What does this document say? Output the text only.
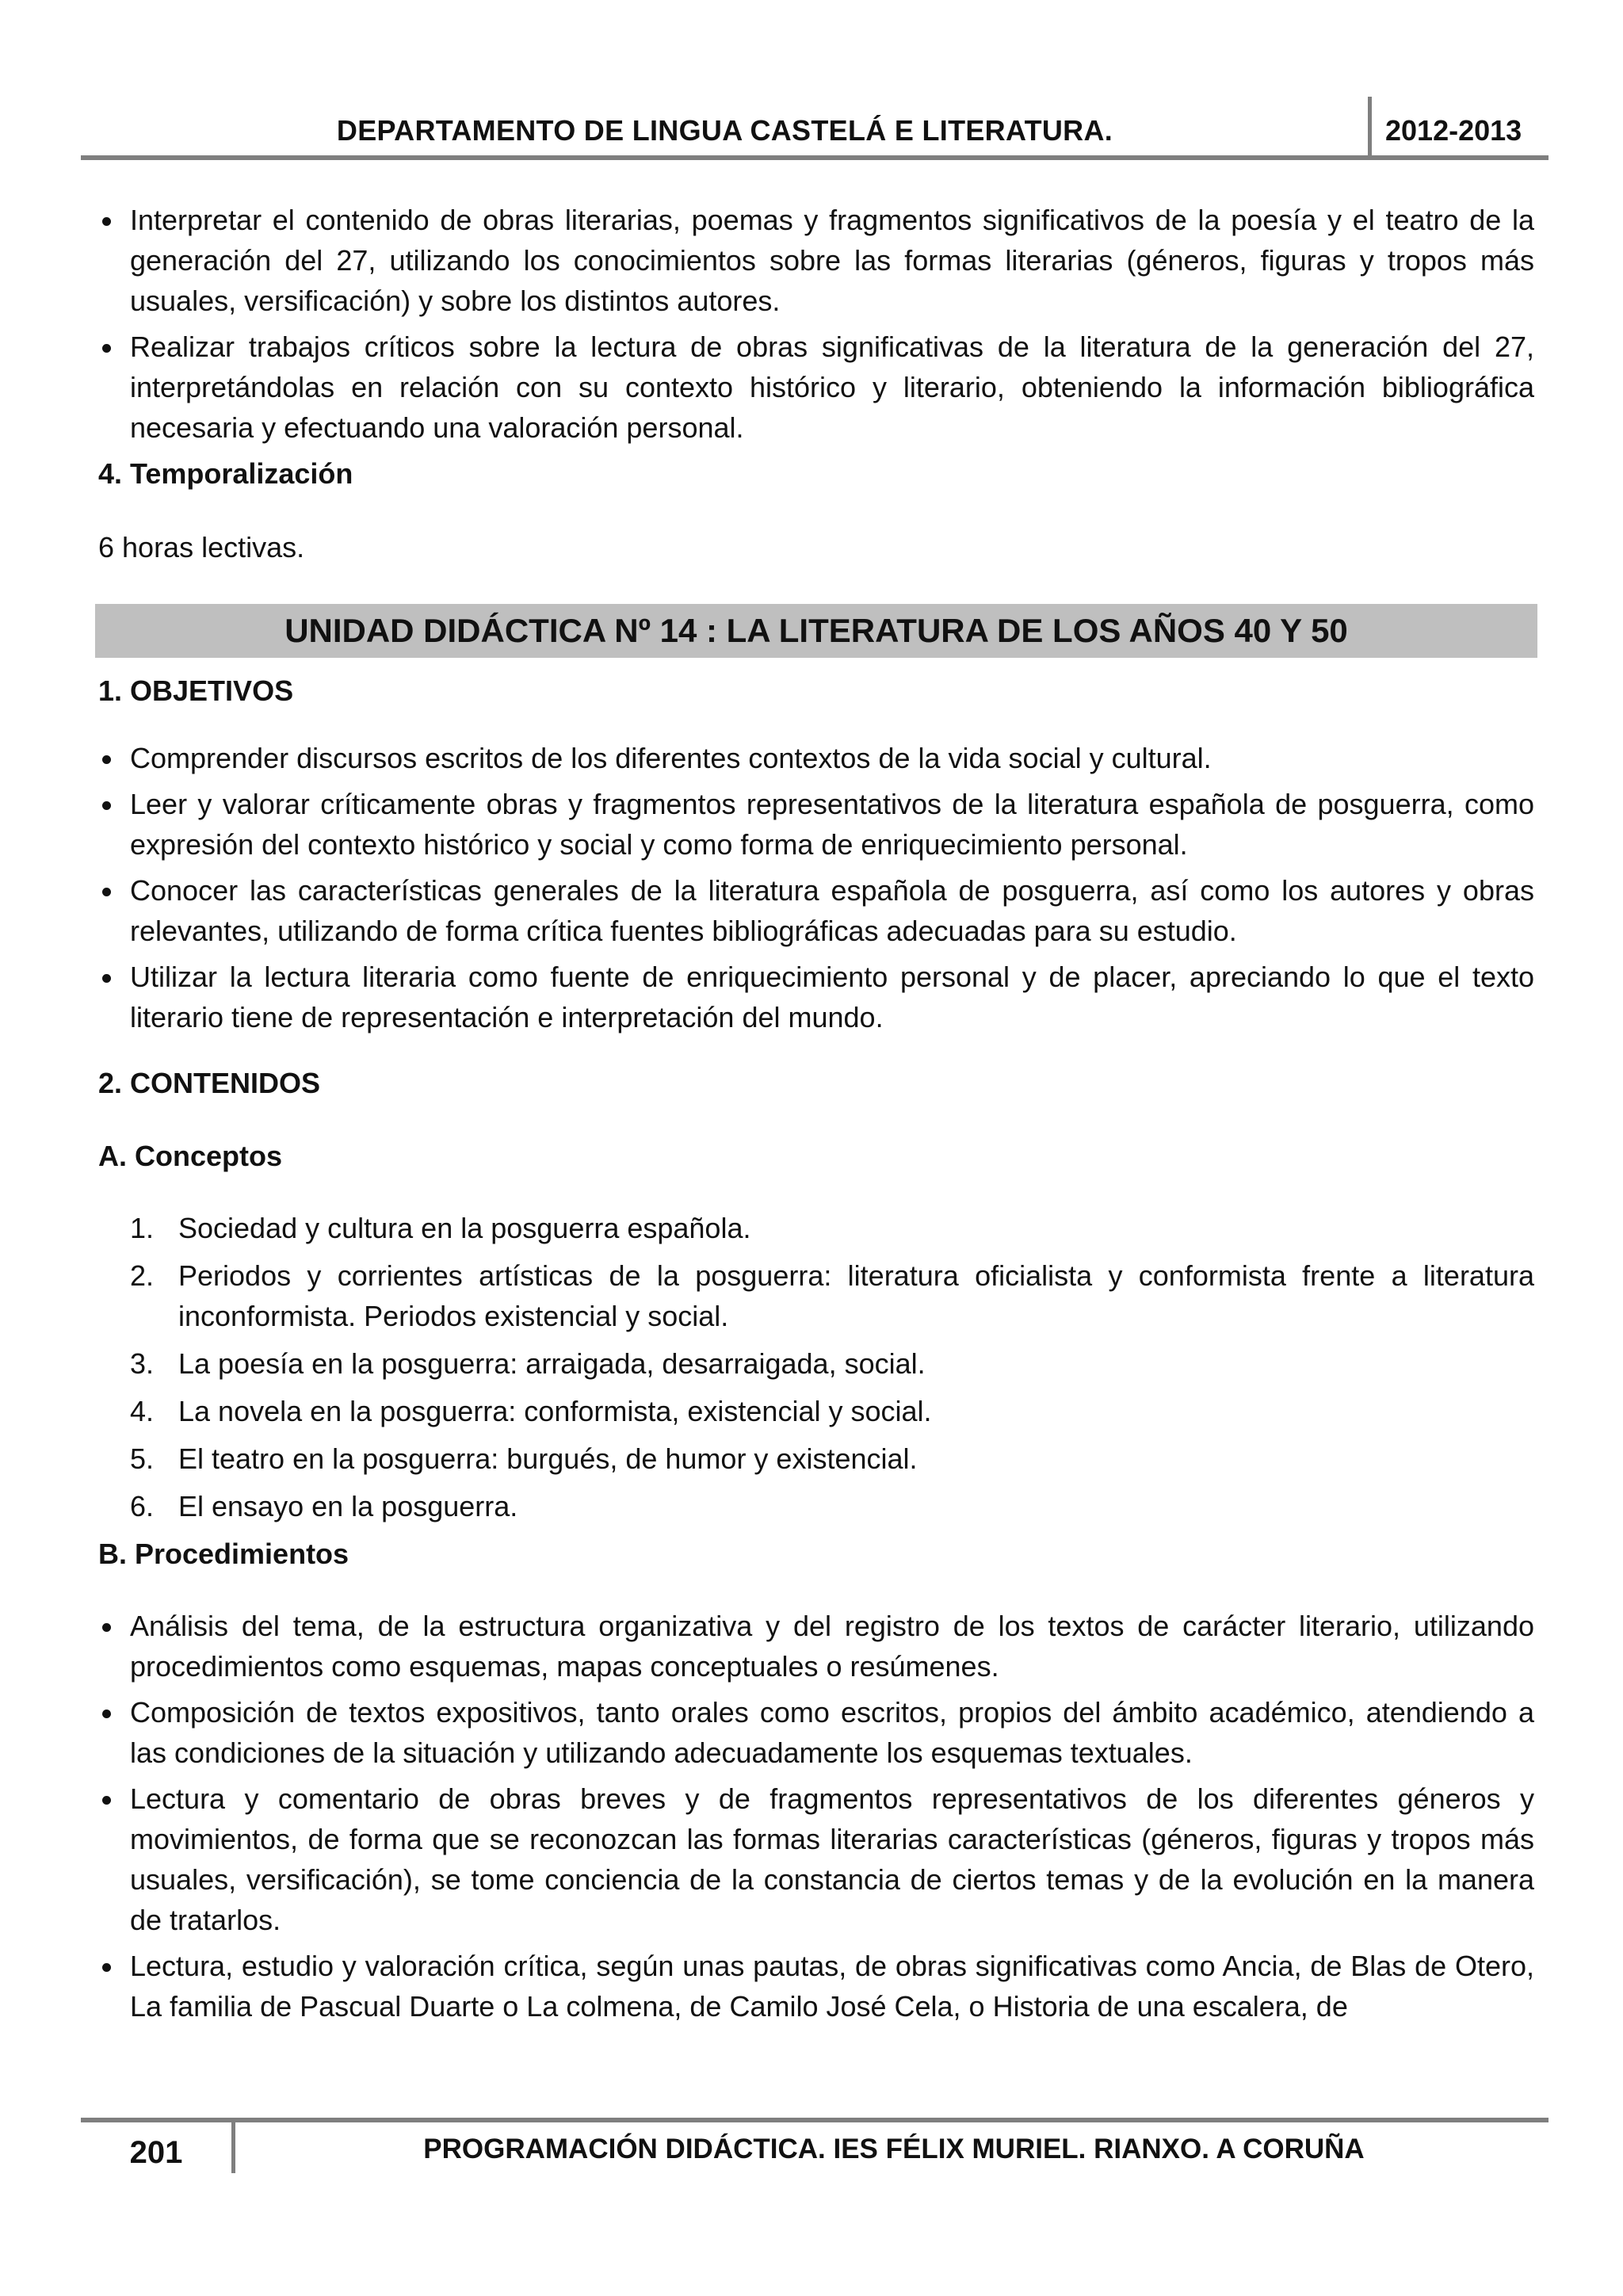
DEPARTAMENTO DE LINGUA CASTELÁ E LITERATURA.	2012-2013
Interpretar el contenido de obras literarias, poemas y fragmentos significativos de la poesía y el teatro de la generación del 27, utilizando los conocimientos sobre las formas literarias (géneros, figuras y tropos más usuales, versificación) y sobre los distintos autores.
Realizar trabajos críticos sobre la lectura de obras significativas de la literatura de la generación del 27, interpretándolas en relación con su contexto histórico y literario, obteniendo la información bibliográfica necesaria y efectuando una valoración personal.

4. Temporalización

6 horas lectivas.

UNIDAD DIDÁCTICA Nº 14 : LA LITERATURA DE LOS AÑOS 40 Y 50

1. OBJETIVOS

Comprender discursos escritos de los diferentes contextos de la vida social y cultural.
Leer y valorar críticamente obras y fragmentos representativos de la literatura española de posguerra, como expresión del contexto histórico y social y como forma de enriquecimiento personal.
Conocer las características generales de la literatura española de posguerra, así como los autores y obras relevantes, utilizando de forma crítica fuentes bibliográficas adecuadas para su estudio.
Utilizar la lectura literaria como fuente de enriquecimiento personal y de placer, apreciando lo que el texto literario tiene de representación e interpretación del mundo.

2. CONTENIDOS

A. Conceptos

1. Sociedad y cultura en la posguerra española.
2. Periodos y corrientes artísticas de la posguerra: literatura oficialista y conformista frente a literatura inconformista. Periodos existencial y social.
3. La poesía en la posguerra: arraigada, desarraigada, social.
4. La novela en la posguerra: conformista, existencial y social.
5. El teatro en la posguerra: burgués, de humor y existencial.
6. El ensayo en la posguerra.

B. Procedimientos

Análisis del tema, de la estructura organizativa y del registro de los textos de carácter literario, utilizando procedimientos como esquemas, mapas conceptuales o resúmenes.
Composición de textos expositivos, tanto orales como escritos, propios del ámbito académico, atendiendo a las condiciones de la situación y utilizando adecuadamente los esquemas textuales.
Lectura y comentario de obras breves y de fragmentos representativos de los diferentes géneros y movimientos, de forma que se reconozcan las formas literarias características (géneros, figuras y tropos más usuales, versificación), se tome conciencia de la constancia de ciertos temas y de la evolución en la manera de tratarlos.
Lectura, estudio y valoración crítica, según unas pautas, de obras significativas como Ancia, de Blas de Otero, La familia de Pascual Duarte o La colmena, de Camilo José Cela, o Historia de una escalera, de
201	PROGRAMACIÓN DIDÁCTICA. IES FÉLIX MURIEL. RIANXO. A CORUÑA
